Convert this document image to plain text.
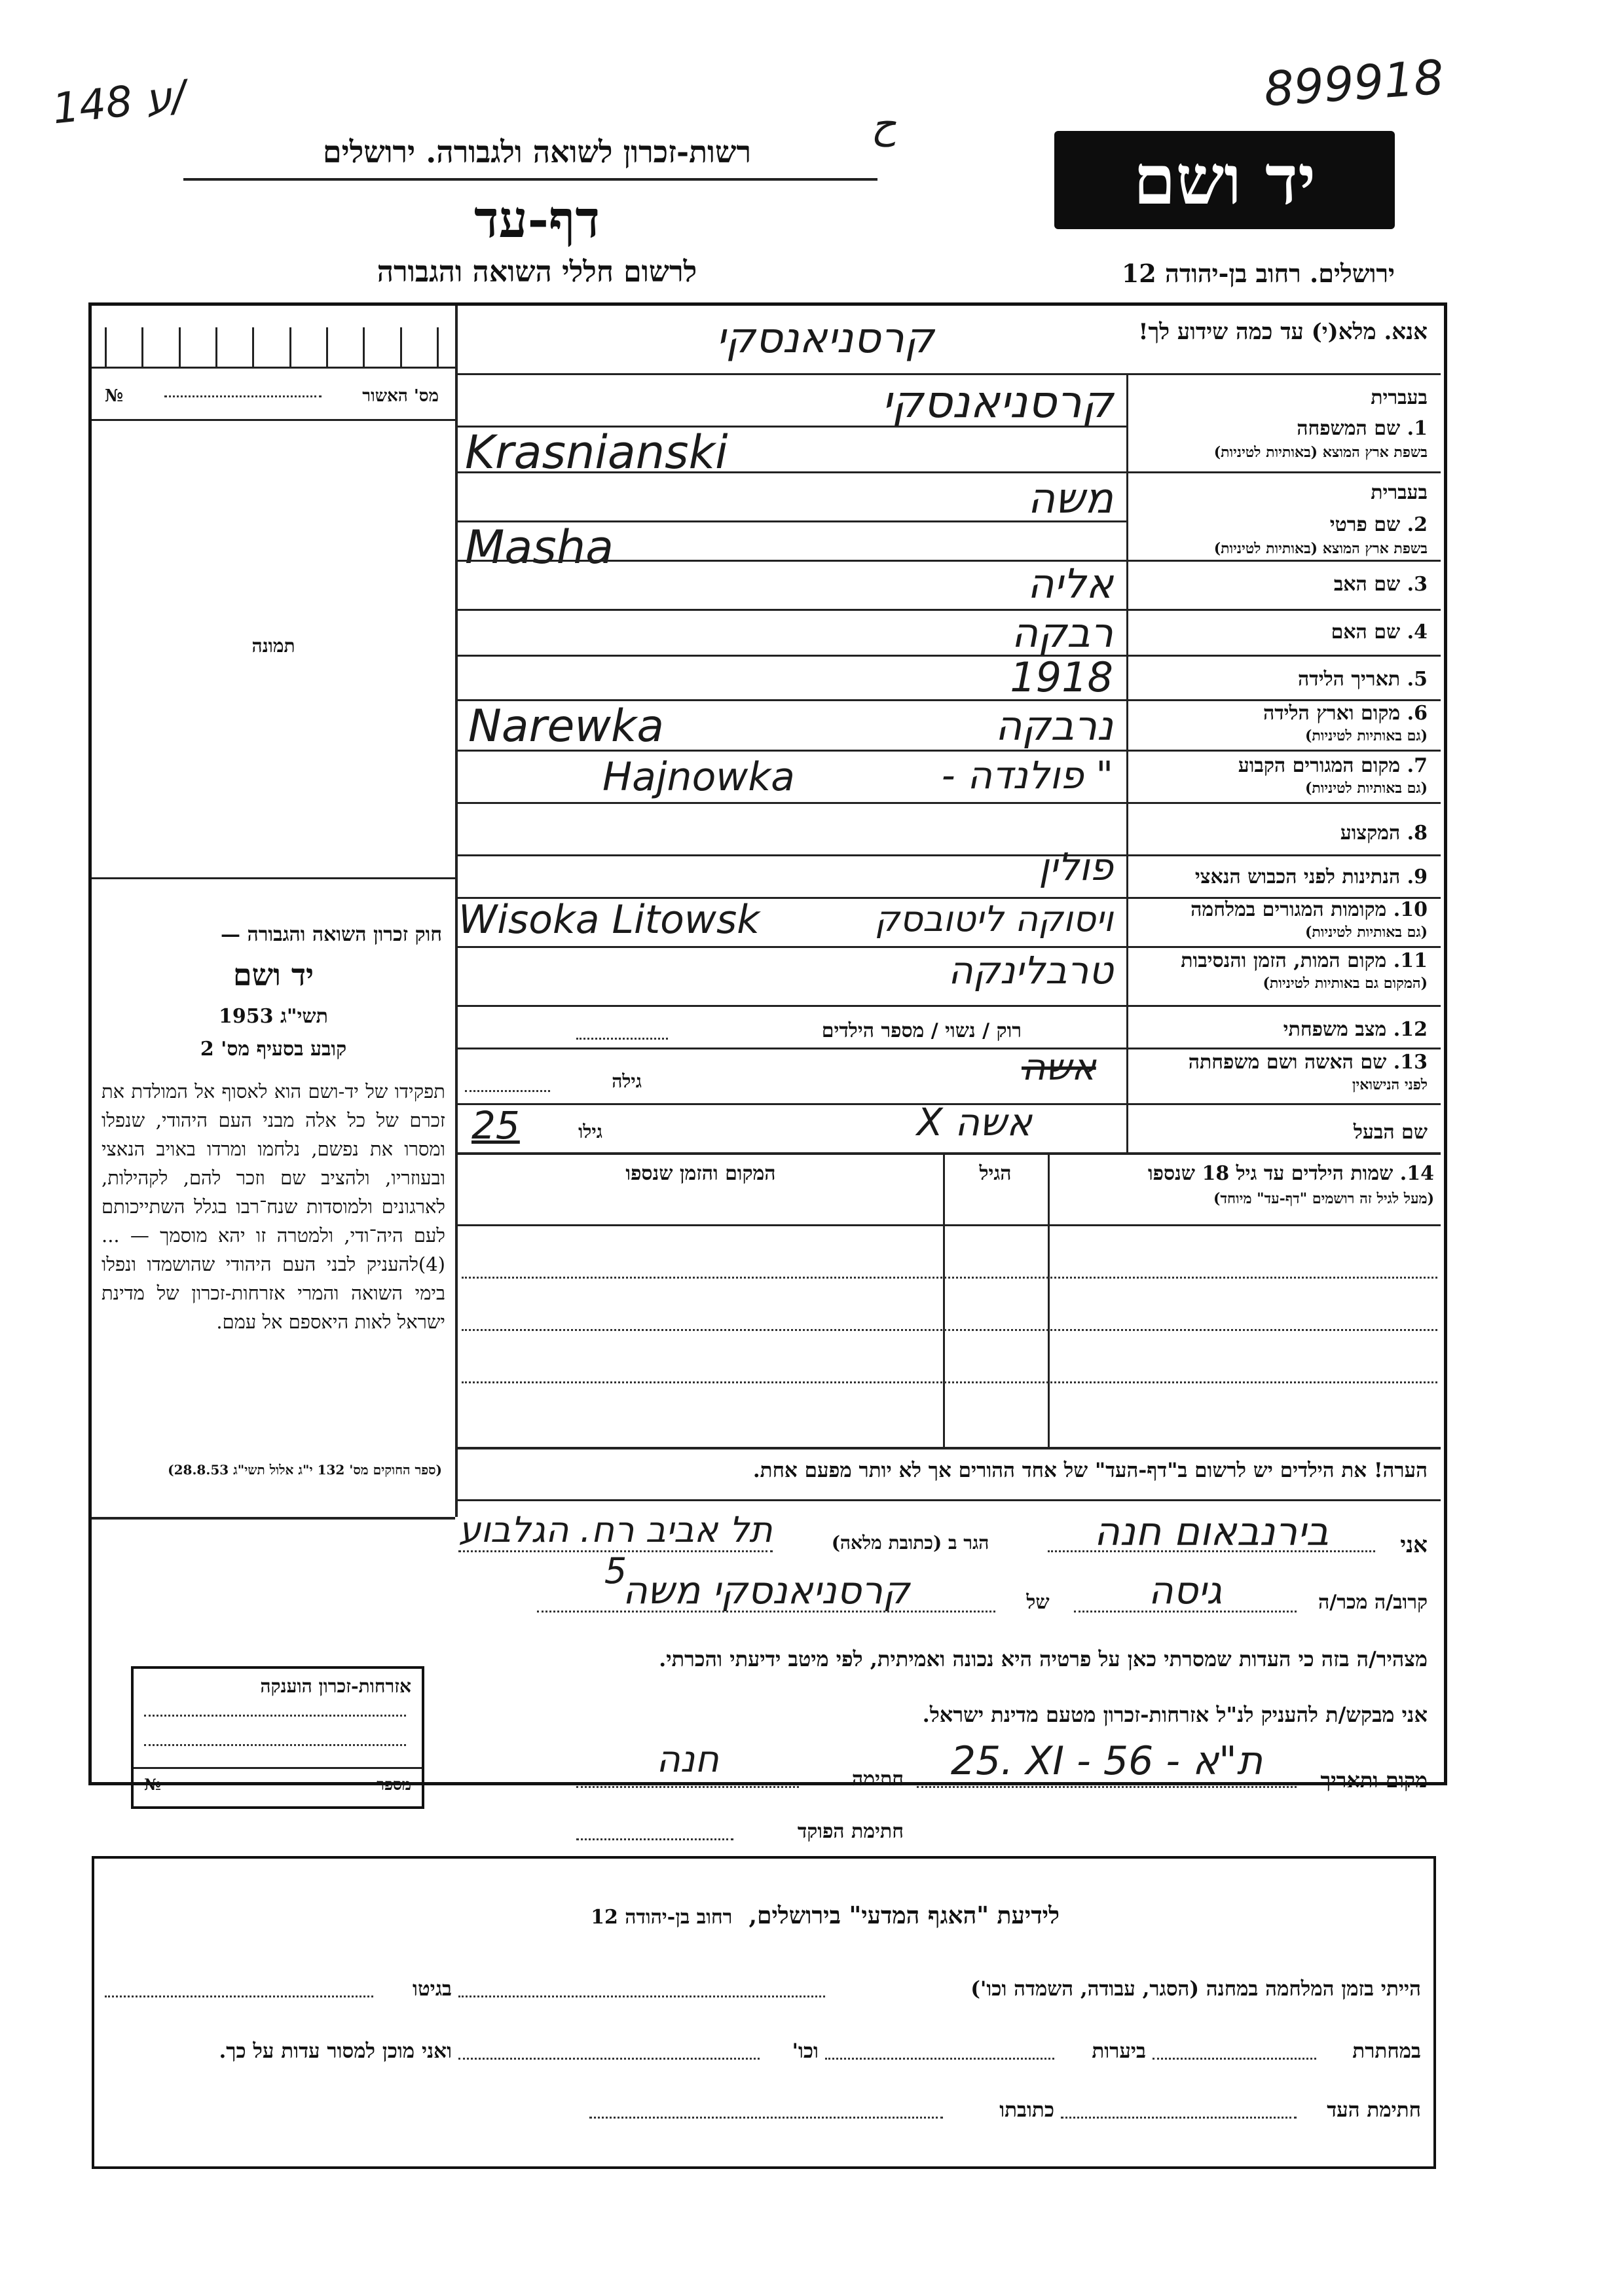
148 ע/	899918
ح
רשות-זכרון לשואה ולגבורה. ירושלים
דף-עד
לרשום חללי השואה והגבורה
יד ושם
ירושלים. רחוב בן-יהודה 12
מס' האשור
№
תמונה
חוק זכרון השואה והגבורה —
יד ושם
תשי"ג 1953
קובע בסעיף מס' 2
תפקידו של יד-ושם הוא לאסוף אל המולדת את זכרם של כל אלה מבני העם היהודי, שנפלו ומסרו את נפשם, נלחמו ומרדו באויב הנאצי ובעוזריו, ולהציב שם וזכר להם, לקהילות, לארגונים ולמוסדות שנח־רבו בגלל השתייכותם לעם היה־ודי, ולמטרה זו יהא מוסמך — ...(4)להעניק לבני העם היהודי שהושמדו ונפלו בימי השואה והמרי אזרחות-זכרון של מדינת ישראל לאות היאספם אל עמם.
(ספר החוקים מס' 132 י"ג אלול תשי"ג 28.8.53)
אנא. מלא(י) עד כמה שידוע לך!
קרסניאנסקי
בעברית
1. שם המשפחה
בשפת ארץ המוצא (באותיות לטיניות)
קרסניאנסקי
Krasnianski
בעברית
2. שם פרטי
בשפת ארץ המוצא (באותיות לטיניות)
משה
Masha
3. שם האב
אליה
4. שם האם
רבקה
5. תאריך הלידה
1918
6. מקום וארץ הלידה
(גם באותיות לטיניות)
נרבקה
Narewka
7. מקום המגורים הקבוע
(גם באותיות לטיניות)
" פולנדה -
Hajnowka
8. המקצוע
9. הנתינות לפני הכבוש הנאצי
פולין
10. מקומות המגורים במלחמה
(גם באותיות לטיניות)
Wisoka Litowsk	ויסוקה ליטובסק
11. מקום המות, הזמן והנסיבות
(המקום גם באותיות לטיניות)
טרבלינקה
12. מצב משפחתי
רוק / נשוי / מספר הילדים
13. שם האשה ושם משפחתה
לפני הנישואין
אשה
גילה
שם הבעל
X אשה
25	גילו
14. שמות הילדים עד גיל 18 שנספו
(מעל לגיל זה רושמים "דף-עד" מיוחד)
הגיל
המקום והזמן שנספו
הערה! את הילדים יש לרשום ב"דף-העד" של אחד ההורים אך לא יותר מפעם אחת.
אני
בירנבאום חנה
הגר ב (כתובת מלאה)
תל אביב רח. הגלבוע 5
קרוב/ה מכר/ה
גיסה
של
קרסניאנסקי משה
מצהיר/ה בזה כי העדות שמסרתי כאן על פרטיה היא נכונה ואמיתית, לפי מיטב ידיעתי והכרתי.
אני מבקש/ת להעניק לנ"ל אזרחות-זכרון מטעם מדינת ישראל.
מקום ותאריך
25. XI - 56 - ת"א
חתימה
חנה
חתימת הפוקד
אזרחות-זכרון הוענקה
מספר
№
לידיעת "האגף המדעי" בירושלים,  רחוב בן-יהודה 12
הייתי בזמן המלחמה במחנה (הסגר, עבודה, השמדה וכו')
בגיטו
במחתרת
ביערות
וכו'
ואני מוכן למסור עדות על כך.
חתימת העד
כתובתו
